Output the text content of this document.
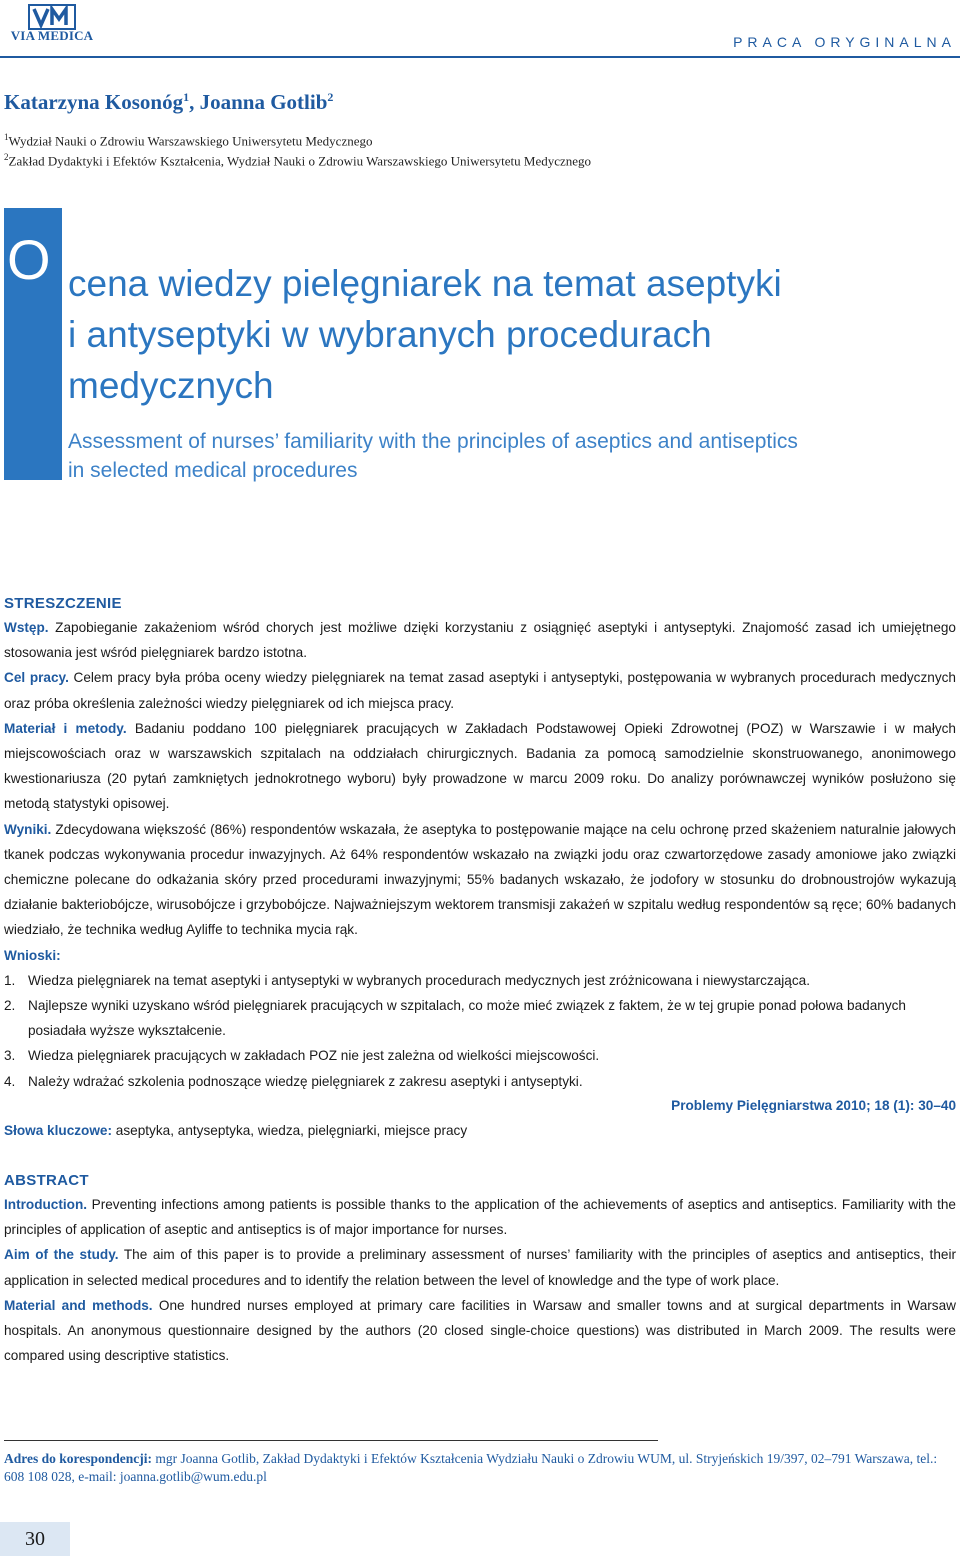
VIA MEDICA	PRACA ORYGINALNA
Katarzyna Kosonóg$^1$, Joanna Gotlib$^2$
$^1$Wydział Nauki o Zdrowiu Warszawskiego Uniwersytetu Medycznego
$^2$Zakład Dydaktyki i Efektów Kształcenia, Wydział Nauki o Zdrowiu Warszawskiego Uniwersytetu Medycznego
O cena wiedzy pielęgniarek na temat aseptyki
i antyseptyki w wybranych procedurach
medycznych
Assessment of nurses’ familiarity with the principles of aseptics and antiseptics
in selected medical procedures
STRESZCZENIE

Wstęp. Zapobieganie zakażeniom wśród chorych jest możliwe dzięki korzystaniu z osiągnięć aseptyki i antyseptyki. Znajomość zasad ich umiejętnego stosowania jest wśród pielęgniarek bardzo istotna.

Cel pracy. Celem pracy była próba oceny wiedzy pielęgniarek na temat zasad aseptyki i antyseptyki, postępowania w wybranych procedurach medycznych oraz próba określenia zależności wiedzy pielęgniarek od ich miejsca pracy.

Materiał i metody. Badaniu poddano 100 pielęgniarek pracujących w Zakładach Podstawowej Opieki Zdrowotnej (POZ) w Warszawie i w małych miejscowościach oraz w warszawskich szpitalach na oddziałach chirurgicznych. Badania za pomocą samodzielnie skonstruowanego, anonimowego kwestionariusza (20 pytań zamkniętych jednokrotnego wyboru) były prowadzone w marcu 2009 roku. Do analizy porównawczej wyników posłużono się metodą statystyki opisowej.

Wyniki. Zdecydowana większość (86%) respondentów wskazała, że aseptyka to postępowanie mające na celu ochronę przed skażeniem naturalnie jałowych tkanek podczas wykonywania procedur inwazyjnych. Aż 64% respondentów wskazało na związki jodu oraz czwartorzędowe zasady amoniowe jako związki chemiczne polecane do odkażania skóry przed procedurami inwazyjnymi; 55% badanych wskazało, że jodofory w stosunku do drobnoustrojów wykazują działanie bakteriobójcze, wirusobójcze i grzybobójcze. Najważniejszym wektorem transmisji zakażeń w szpitalu według respondentów są ręce; 60% badanych wiedziało, że technika według Ayliffe to technika mycia rąk.

Wnioski:

1. Wiedza pielęgniarek na temat aseptyki i antyseptyki w wybranych procedurach medycznych jest zróżnicowana i niewystarczająca.
2. Najlepsze wyniki uzyskano wśród pielęgniarek pracujących w szpitalach, co może mieć związek z faktem, że w tej grupie ponad połowa badanych posiadała wyższe wykształcenie.
3. Wiedza pielęgniarek pracujących w zakładach POZ nie jest zależna od wielkości miejscowości.
4. Należy wdrażać szkolenia podnoszące wiedzę pielęgniarek z zakresu aseptyki i antyseptyki.

Problemy Pielęgniarstwa 2010; 18 (1): 30–40

Słowa kluczowe: aseptyka, antyseptyka, wiedza, pielęgniarki, miejsce pracy

ABSTRACT

Introduction. Preventing infections among patients is possible thanks to the application of the achievements of aseptics and antiseptics. Familiarity with the principles of application of aseptic and antiseptics is of major importance for nurses.

Aim of the study. The aim of this paper is to provide a preliminary assessment of nurses’ familiarity with the principles of aseptics and antiseptics, their application in selected medical procedures and to identify the relation between the level of knowledge and the type of work place.

Material and methods. One hundred nurses employed at primary care facilities in Warsaw and smaller towns and at surgical departments in Warsaw hospitals. An anonymous questionnaire designed by the authors (20 closed single-choice questions) was distributed in March 2009. The results were compared using descriptive statistics.

Adres do korespondencji: mgr Joanna Gotlib, Zakład Dydaktyki i Efektów Kształcenia Wydziału Nauki o Zdrowiu WUM, ul. Stryjeńskich 19/397, 02–791 Warszawa, tel.: 608 108 028, e-mail: joanna.gotlib@wum.edu.pl
30
